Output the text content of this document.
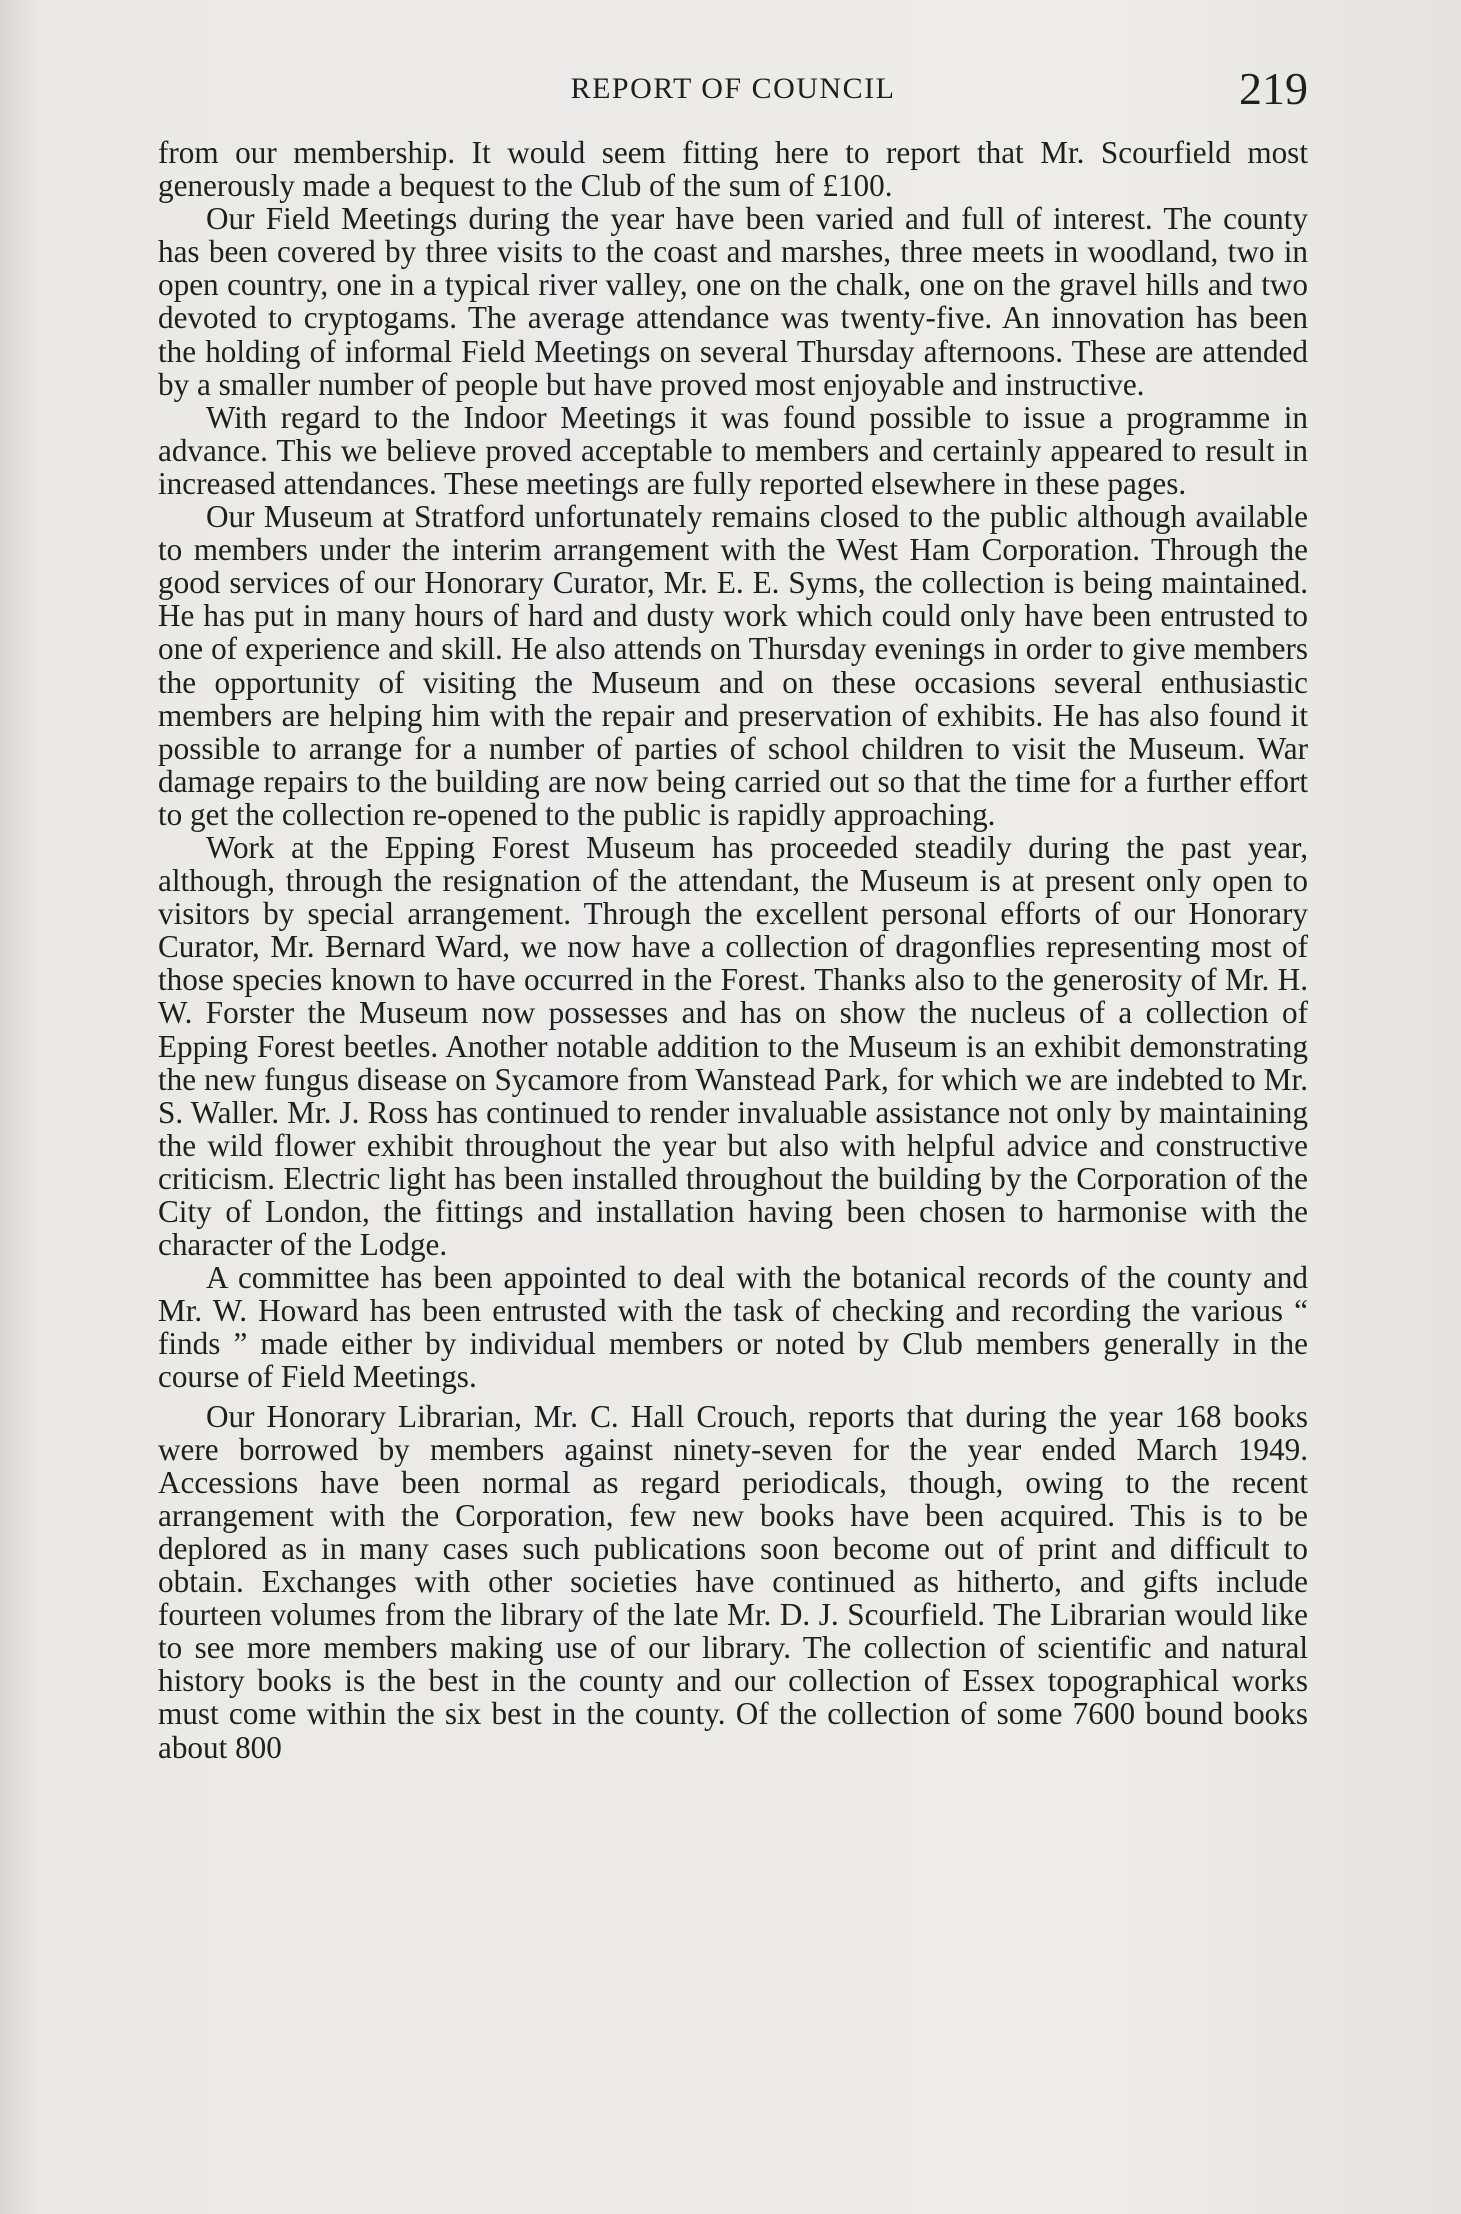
REPORT OF COUNCIL	219

from our membership. It would seem fitting here to report that Mr. Scourfield most generously made a bequest to the Club of the sum of £100.

Our Field Meetings during the year have been varied and full of interest. The county has been covered by three visits to the coast and marshes, three meets in woodland, two in open country, one in a typical river valley, one on the chalk, one on the gravel hills and two devoted to cryptogams. The average attendance was twenty-five. An innovation has been the holding of informal Field Meetings on several Thursday afternoons. These are attended by a smaller number of people but have proved most enjoyable and instructive.

With regard to the Indoor Meetings it was found possible to issue a programme in advance. This we believe proved acceptable to members and certainly appeared to result in increased attendances. These meetings are fully reported elsewhere in these pages.

Our Museum at Stratford unfortunately remains closed to the public although available to members under the interim arrangement with the West Ham Corporation. Through the good services of our Honorary Curator, Mr. E. E. Syms, the collection is being maintained. He has put in many hours of hard and dusty work which could only have been entrusted to one of experience and skill. He also attends on Thursday evenings in order to give members the opportunity of visiting the Museum and on these occasions several enthusiastic members are helping him with the repair and preservation of exhibits. He has also found it possible to arrange for a number of parties of school children to visit the Museum. War damage repairs to the building are now being carried out so that the time for a further effort to get the collection re-opened to the public is rapidly approaching.

Work at the Epping Forest Museum has proceeded steadily during the past year, although, through the resignation of the attendant, the Museum is at present only open to visitors by special arrangement. Through the excellent personal efforts of our Honorary Curator, Mr. Bernard Ward, we now have a collection of dragonflies representing most of those species known to have occurred in the Forest. Thanks also to the generosity of Mr. H. W. Forster the Museum now possesses and has on show the nucleus of a collection of Epping Forest beetles. Another notable addition to the Museum is an exhibit demonstrating the new fungus disease on Sycamore from Wanstead Park, for which we are indebted to Mr. S. Waller. Mr. J. Ross has continued to render invaluable assistance not only by maintaining the wild flower exhibit throughout the year but also with helpful advice and constructive criticism. Electric light has been installed throughout the building by the Corporation of the City of London, the fittings and installation having been chosen to harmonise with the character of the Lodge.

A committee has been appointed to deal with the botanical records of the county and Mr. W. Howard has been entrusted with the task of checking and recording the various “ finds ” made either by individual members or noted by Club members generally in the course of Field Meetings.

Our Honorary Librarian, Mr. C. Hall Crouch, reports that during the year 168 books were borrowed by members against ninety-seven for the year ended March 1949. Accessions have been normal as regard periodicals, though, owing to the recent arrangement with the Corporation, few new books have been acquired. This is to be deplored as in many cases such publications soon become out of print and difficult to obtain. Exchanges with other societies have continued as hitherto, and gifts include fourteen volumes from the library of the late Mr. D. J. Scourfield. The Librarian would like to see more members making use of our library. The collection of scientific and natural history books is the best in the county and our collection of Essex topographical works must come within the six best in the county. Of the collection of some 7600 bound books about 800
